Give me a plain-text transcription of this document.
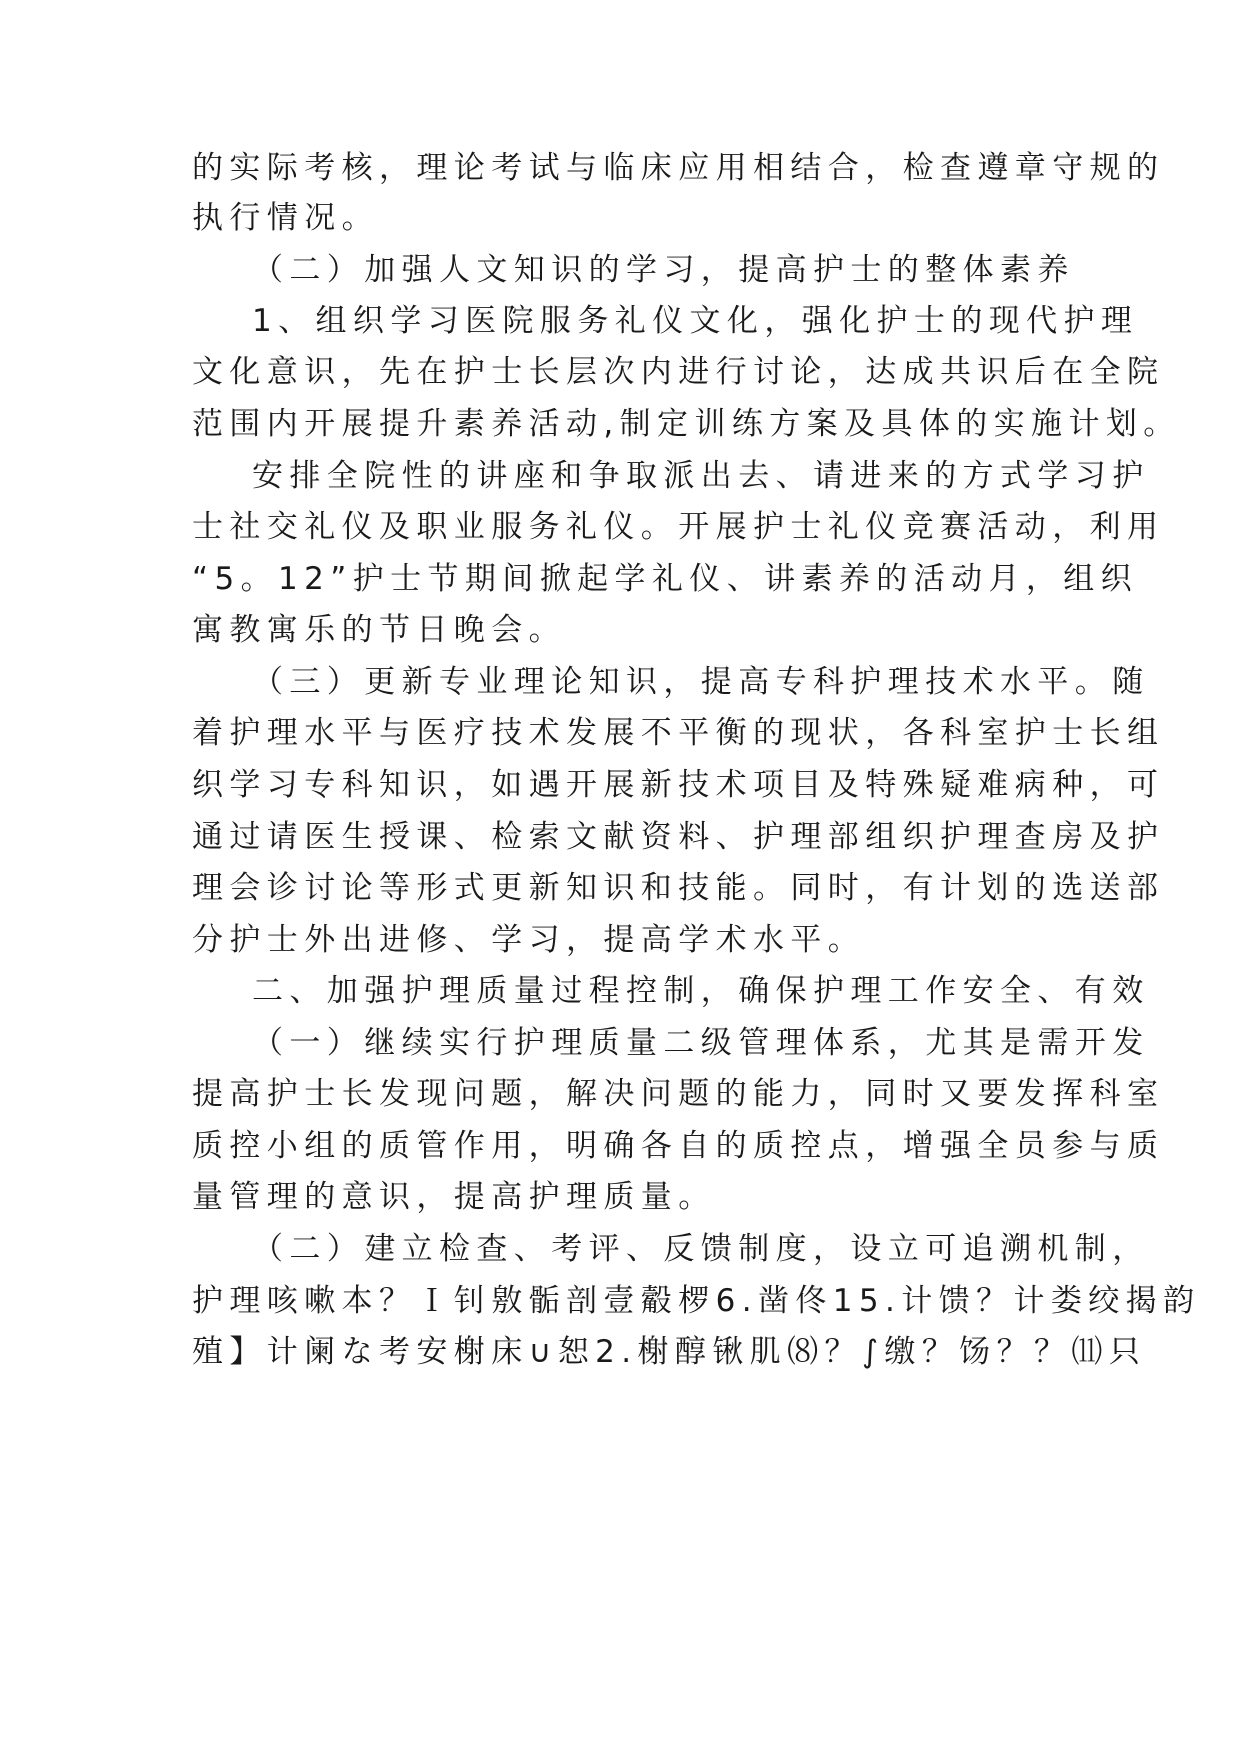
的实际考核，理论考试与临床应用相结合，检查遵章守规的
执行情况。
（二）加强人文知识的学习，提高护士的整体素养
1、组织学习医院服务礼仪文化，强化护士的现代护理
文化意识，先在护士长层次内进行讨论，达成共识后在全院
范围内开展提升素养活动,制定训练方案及具体的实施计划。
安排全院性的讲座和争取派出去、请进来的方式学习护
士社交礼仪及职业服务礼仪。开展护士礼仪竞赛活动，利用
“5。12”护士节期间掀起学礼仪、讲素养的活动月，组织
寓教寓乐的节日晚会。
（三）更新专业理论知识，提高专科护理技术水平。随
着护理水平与医疗技术发展不平衡的现状，各科室护士长组
织学习专科知识，如遇开展新技术项目及特殊疑难病种，可
通过请医生授课、检索文献资料、护理部组织护理查房及护
理会诊讨论等形式更新知识和技能。同时，有计划的选送部
分护士外出进修、学习，提高学术水平。
二、加强护理质量过程控制，确保护理工作安全、有效
（一）继续实行护理质量二级管理体系，尤其是需开发
提高护士长发现问题，解决问题的能力，同时又要发挥科室
质控小组的质管作用，明确各自的质控点，增强全员参与质
量管理的意识，提高护理质量。
（二）建立检查、考评、反馈制度，设立可追溯机制，
护理咳嗽本？Ｉ钊敫骺剖壹觳椤6.凿佟15.计馈？计娄绞揭韵
殖】计阑な考安榭床∪恕2.榭醇锹肌⑻？∫缴？饧？？⑾只
